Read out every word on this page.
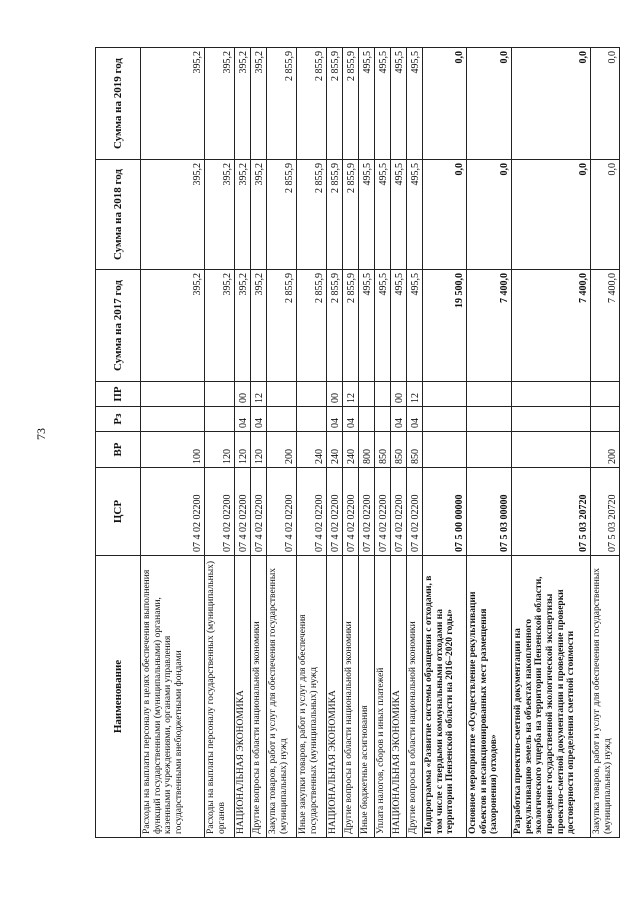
73
Наименование	ЦСР	ВР	Рз	ПР	Сумма на 2017 год	Сумма на 2018 год	Сумма на 2019 год
Расходы на выплаты персоналу в целях обеспечения выполнения функций государственными (муниципальными) органами, казенными учреждениями, органами управления государственными внебюджетными фондами	07 4 02 02200	100			395,2	395,2	395,2
Расходы на выплаты персоналу государственных (муниципальных) органов	07 4 02 02200	120			395,2	395,2	395,2
НАЦИОНАЛЬНАЯ ЭКОНОМИКА	07 4 02 02200	120	04	00	395,2	395,2	395,2
Другие вопросы в области национальной экономики	07 4 02 02200	120	04	12	395,2	395,2	395,2
Закупка товаров, работ и услуг для обеспечения государственных (муниципальных) нужд	07 4 02 02200	200			2 855,9	2 855,9	2 855,9
Иные закупки товаров, работ и услуг для обеспечения государственных (муниципальных) нужд	07 4 02 02200	240			2 855,9	2 855,9	2 855,9
НАЦИОНАЛЬНАЯ ЭКОНОМИКА	07 4 02 02200	240	04	00	2 855,9	2 855,9	2 855,9
Другие вопросы в области национальной экономики	07 4 02 02200	240	04	12	2 855,9	2 855,9	2 855,9
Иные бюджетные ассигнования	07 4 02 02200	800			495,5	495,5	495,5
Уплата налогов, сборов и иных платежей	07 4 02 02200	850			495,5	495,5	495,5
НАЦИОНАЛЬНАЯ ЭКОНОМИКА	07 4 02 02200	850	04	00	495,5	495,5	495,5
Другие вопросы в области национальной экономики	07 4 02 02200	850	04	12	495,5	495,5	495,5
Подпрограмма «Развитие системы обращения с отходами, в том числе с твердыми коммунальными отходами на территории Пензенской области на 2016–2020 годы»	07 5 00 00000				19 500,0	0,0	0,0
Основное мероприятие «Осуществление рекультивации объектов и несанкционированных мест размещения (захоронения) отходов»	07 5 03 00000				7 400,0	0,0	0,0
Разработка проектно-сметной документации на рекультивацию земель на объектах накопленного экологического ущерба на территории Пензенской области, проведение государственной экологической экспертизы проектно-сметной документации и проведение проверки достоверности определения сметной стоимости	07 5 03 20720				7 400,0	0,0	0,0
Закупка товаров, работ и услуг для обеспечения государственных (муниципальных) нужд	07 5 03 20720	200			7 400,0	0,0	0,0
